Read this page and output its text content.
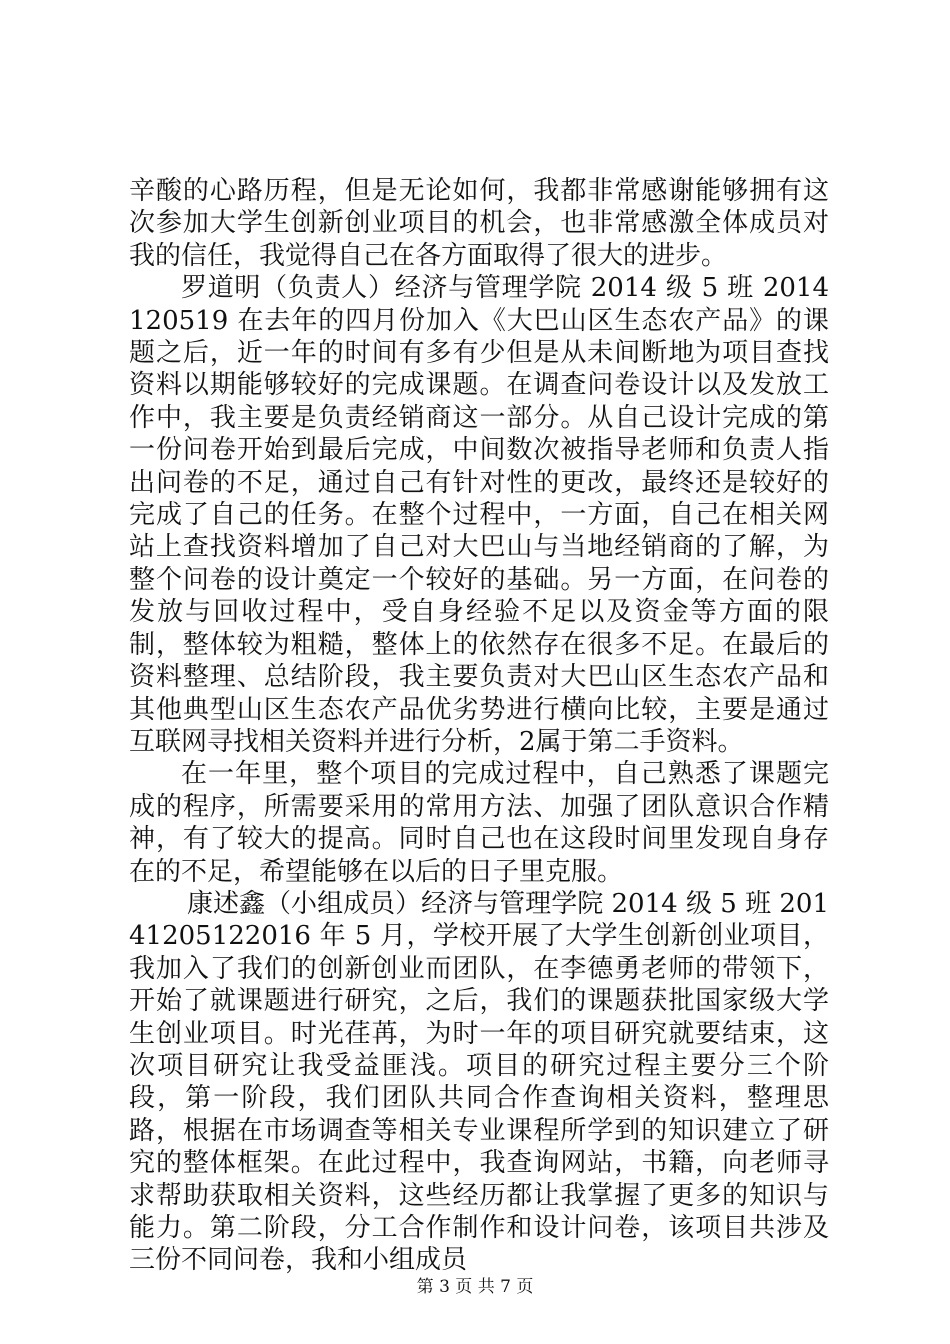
辛酸的心路历程，但是无论如何，我都非常感谢能够拥有这次参加大学生创新创业项目的机会，也非常感激全体成员对我的信任，我觉得自己在各方面取得了很大的进步。

罗道明（负责人）经济与管理学院 2014 级 5 班 2014120519 在去年的四月份加入《大巴山区生态农产品》的课题之后，近一年的时间有多有少但是从未间断地为项目查找资料以期能够较好的完成课题。在调查问卷设计以及发放工作中，我主要是负责经销商这一部分。从自己设计完成的第一份问卷开始到最后完成，中间数次被指导老师和负责人指出问卷的不足，通过自己有针对性的更改，最终还是较好的完成了自己的任务。在整个过程中，一方面，自己在相关网站上查找资料增加了自己对大巴山与当地经销商的了解，为整个问卷的设计奠定一个较好的基础。另一方面，在问卷的发放与回收过程中，受自身经验不足以及资金等方面的限制，整体较为粗糙，整体上的依然存在很多不足。在最后的资料整理、总结阶段，我主要负责对大巴山区生态农产品和其他典型山区生态农产品优劣势进行横向比较，主要是通过互联网寻找相关资料并进行分析，2属于第二手资料。

在一年里，整个项目的完成过程中，自己熟悉了课题完成的程序，所需要采用的常用方法、加强了团队意识合作精神，有了较大的提高。同时自己也在这段时间里发现自身存在的不足，希望能够在以后的日子里克服。

康述鑫（小组成员）经济与管理学院 2014 级 5 班 20141205122016 年 5 月，学校开展了大学生创新创业项目，我加入了我们的创新创业而团队，在李德勇老师的带领下，开始了就课题进行研究，之后，我们的课题获批国家级大学生创业项目。时光荏苒，为时一年的项目研究就要结束，这次项目研究让我受益匪浅。项目的研究过程主要分三个阶段，第一阶段，我们团队共同合作查询相关资料，整理思路，根据在市场调查等相关专业课程所学到的知识建立了研究的整体框架。在此过程中，我查询网站，书籍，向老师寻求帮助获取相关资料，这些经历都让我掌握了更多的知识与能力。第二阶段，分工合作制作和设计问卷，该项目共涉及三份不同问卷，我和小组成员

第 3 页 共 7 页
